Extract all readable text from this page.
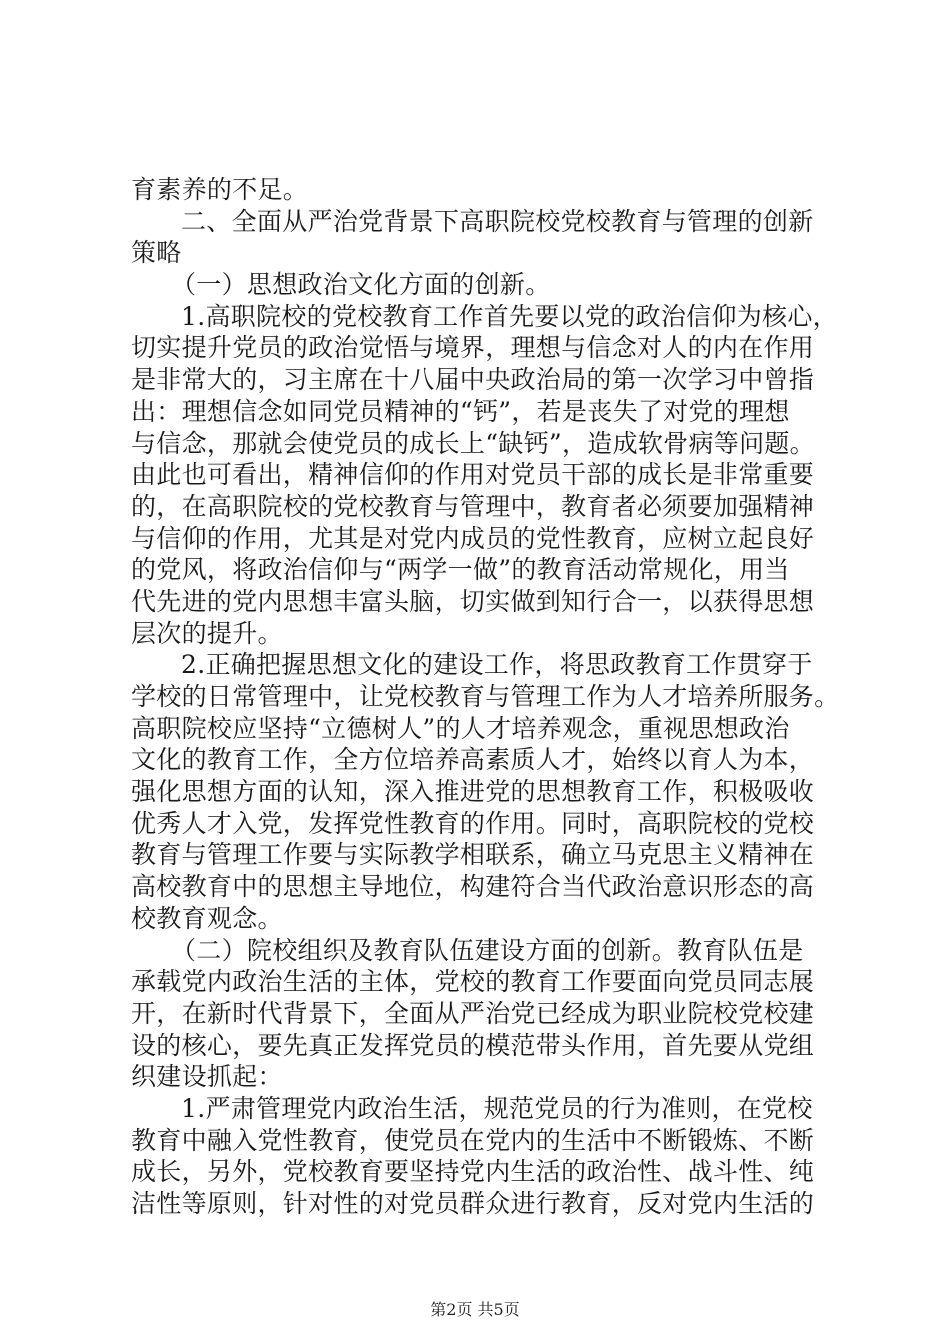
育素养的不足。
二、全面从严治党背景下高职院校党校教育与管理的创新
策略
（一）思想政治文化方面的创新。
1.高职院校的党校教育工作首先要以党的政治信仰为核心，
切实提升党员的政治觉悟与境界，理想与信念对人的内在作用
是非常大的，习主席在十八届中央政治局的第一次学习中曾指
出：理想信念如同党员精神的“钙”，若是丧失了对党的理想
与信念，那就会使党员的成长上“缺钙”，造成软骨病等问题。
由此也可看出，精神信仰的作用对党员干部的成长是非常重要
的，在高职院校的党校教育与管理中，教育者必须要加强精神
与信仰的作用，尤其是对党内成员的党性教育，应树立起良好
的党风，将政治信仰与“两学一做”的教育活动常规化，用当
代先进的党内思想丰富头脑，切实做到知行合一，以获得思想
层次的提升。
2.正确把握思想文化的建设工作，将思政教育工作贯穿于
学校的日常管理中，让党校教育与管理工作为人才培养所服务。
高职院校应坚持“立德树人”的人才培养观念，重视思想政治
文化的教育工作，全方位培养高素质人才，始终以育人为本，
强化思想方面的认知，深入推进党的思想教育工作，积极吸收
优秀人才入党，发挥党性教育的作用。同时，高职院校的党校
教育与管理工作要与实际教学相联系，确立马克思主义精神在
高校教育中的思想主导地位，构建符合当代政治意识形态的高
校教育观念。
（二）院校组织及教育队伍建设方面的创新。教育队伍是
承载党内政治生活的主体，党校的教育工作要面向党员同志展
开，在新时代背景下，全面从严治党已经成为职业院校党校建
设的核心，要先真正发挥党员的模范带头作用，首先要从党组
织建设抓起：
1.严肃管理党内政治生活，规范党员的行为准则，在党校
教育中融入党性教育，使党员在党内的生活中不断锻炼、不断
成长，另外，党校教育要坚持党内生活的政治性、战斗性、纯
洁性等原则，针对性的对党员群众进行教育，反对党内生活的
第2页 共5页
